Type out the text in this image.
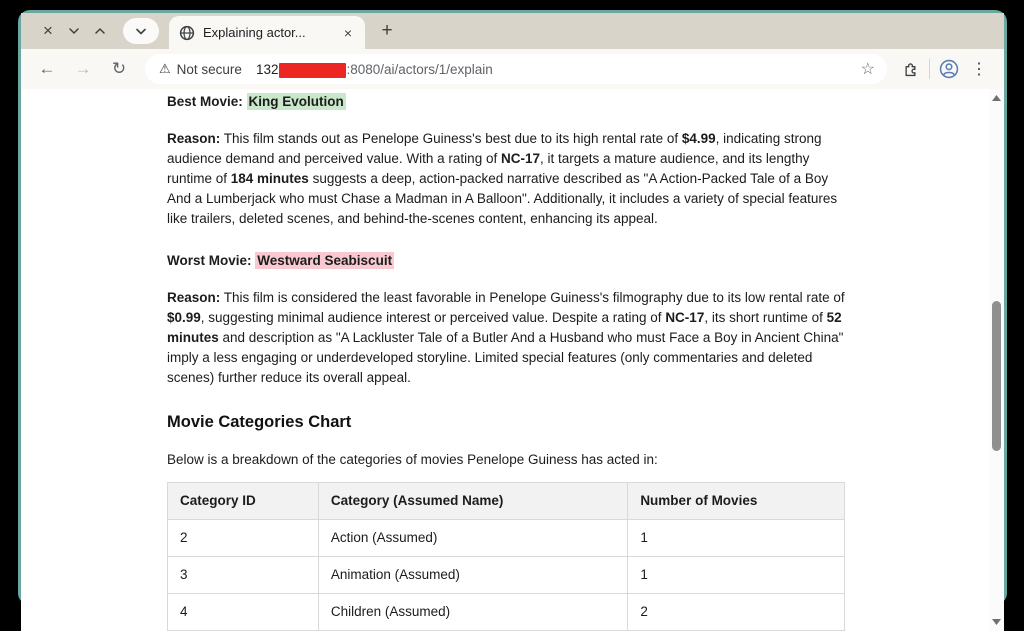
×	Explaining actor...	×	+
←	→	↻	⚠ Not secure 132	:8080/ai/actors/1/explain	☆	⋮

Best Movie: King Evolution

Reason: This film stands out as Penelope Guiness's best due to its high rental rate of $4.99, indicating strong audience demand and perceived value. With a rating of NC-17, it targets a mature audience, and its lengthy runtime of 184 minutes suggests a deep, action-packed narrative described as "A Action-Packed Tale of a Boy And a Lumberjack who must Chase a Madman in A Balloon". Additionally, it includes a variety of special features like trailers, deleted scenes, and behind-the-scenes content, enhancing its appeal.

Worst Movie: Westward Seabiscuit

Reason: This film is considered the least favorable in Penelope Guiness's filmography due to its low rental rate of $0.99, suggesting minimal audience interest or perceived value. Despite a rating of NC-17, its short runtime of 52 minutes and description as "A Lackluster Tale of a Butler And a Husband who must Face a Boy in Ancient China" imply a less engaging or underdeveloped storyline. Limited special features (only commentaries and deleted scenes) further reduce its overall appeal.

Movie Categories Chart

Below is a breakdown of the categories of movies Penelope Guiness has acted in:

Category ID	Category (Assumed Name)	Number of Movies
2	Action (Assumed)	1
3	Animation (Assumed)	1
4	Children (Assumed)	2
